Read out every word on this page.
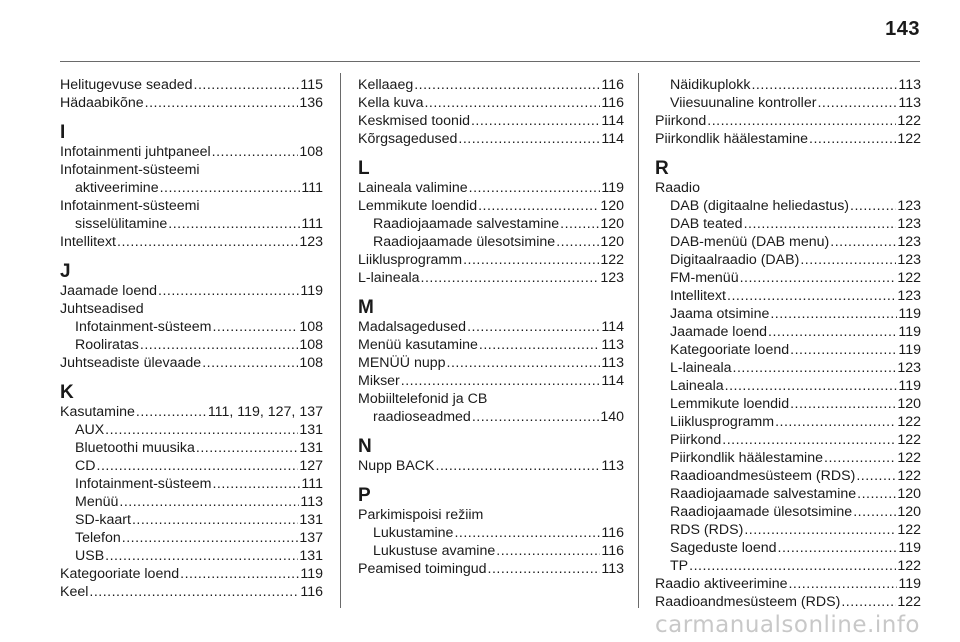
143
Helitugevuse seaded .....	115
Hädaabikõne .....	136
I
Infotainmenti juhtpaneel .....	108
Infotainment-süsteemi
aktiveerimine .....	111
Infotainment-süsteemi
sisselülitamine .....	111
Intellitext .....	123
J
Jaamade loend .....	119
Juhtseadised
Infotainment-süsteem .....	108
Rooliratas .....	108
Juhtseadiste ülevaade .....	108
K
Kasutamine .....	111, 119, 127, 137
AUX .....	131
Bluetoothi muusika .....	131
CD .....	127
Infotainment-süsteem .....	111
Menüü .....	113
SD-kaart .....	131
Telefon .....	137
USB .....	131
Kategooriate loend .....	119
Keel .....	116
Kellaaeg .....	116
Kella kuva .....	116
Keskmised toonid .....	114
Kõrgsagedused .....	114
L
Laineala valimine .....	119
Lemmikute loendid .....	120
Raadiojaamade salvestamine .....	120
Raadiojaamade ülesotsimine .....	120
Liiklusprogramm .....	122
L-laineala .....	123
M
Madalsagedused .....	114
Menüü kasutamine .....	113
MENÜÜ nupp .....	113
Mikser .....	114
Mobiiltelefonid ja CB
raadioseadmed .....	140
N
Nupp BACK .....	113
P
Parkimispoisi režiim
Lukustamine .....	116
Lukustuse avamine .....	116
Peamised toimingud .....	113
Näidikuplokk .....	113
Viiesuunaline kontroller .....	113
Piirkond .....	122
Piirkondlik häälestamine .....	122
R
Raadio
DAB (digitaalne heliedastus) .....	123
DAB teated .....	123
DAB-menüü (DAB menu) .....	123
Digitaalraadio (DAB) .....	123
FM-menüü .....	122
Intellitext .....	123
Jaama otsimine .....	119
Jaamade loend .....	119
Kategooriate loend .....	119
L-laineala .....	123
Laineala .....	119
Lemmikute loendid .....	120
Liiklusprogramm .....	122
Piirkond .....	122
Piirkondlik häälestamine .....	122
Raadioandmesüsteem (RDS) .....	122
Raadiojaamade salvestamine .....	120
Raadiojaamade ülesotsimine .....	120
RDS (RDS) .....	122
Sageduste loend .....	119
TP .....	122
Raadio aktiveerimine .....	119
Raadioandmesüsteem (RDS) .....	122
carmanualsonline.info
